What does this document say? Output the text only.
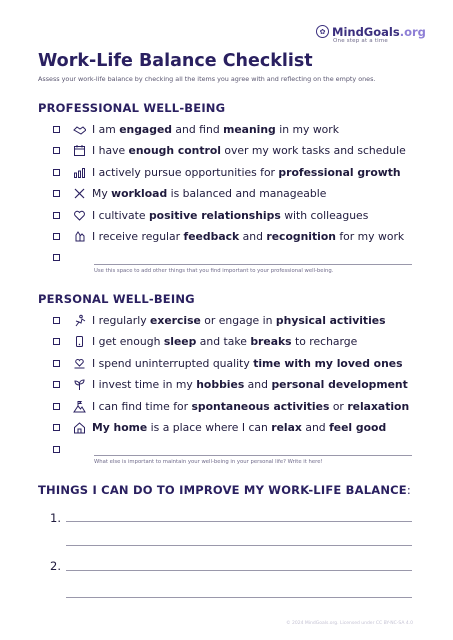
✿ MindGoals.org
One step at a time
Work-Life Balance Checklist
Assess your work-life balance by checking all the items you agree with and reflecting on the empty ones.
PROFESSIONAL WELL-BEING
I am engaged and find meaning in my work
I have enough control over my work tasks and schedule
I actively pursue opportunities for professional growth
My workload is balanced and manageable
I cultivate positive relationships with colleagues
I receive regular feedback and recognition for my work
Use this space to add other things that you find important to your professional well-being.
PERSONAL WELL-BEING
I regularly exercise or engage in physical activities
I get enough sleep and take breaks to recharge
I spend uninterrupted quality time with my loved ones
I invest time in my hobbies and personal development
I can find time for spontaneous activities or relaxation
My home is a place where I can relax and feel good
What else is important to maintain your well-being in your personal life? Write it here!
THINGS I CAN DO TO IMPROVE MY WORK-LIFE BALANCE:
1.
2.
© 2024 MindGoals.org. Licensed under CC BY-NC-SA 4.0
